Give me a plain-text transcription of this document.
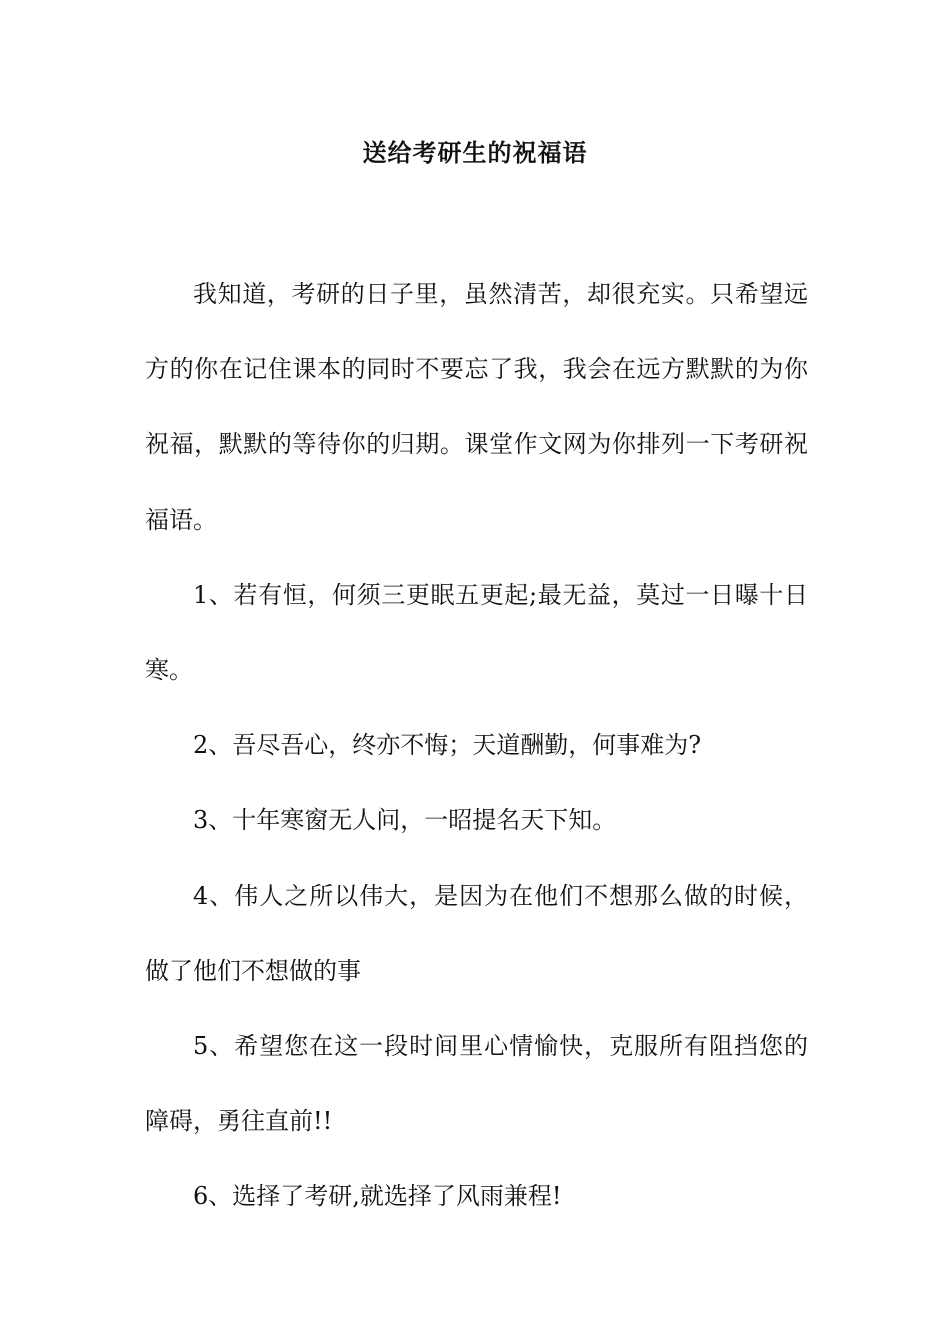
送给考研生的祝福语

我知道，考研的日子里，虽然清苦，却很充实。只希望远方的你在记住课本的同时不要忘了我，我会在远方默默的为你祝福，默默的等待你的归期。课堂作文网为你排列一下考研祝福语。

1、若有恒，何须三更眠五更起;最无益，莫过一日曝十日寒。

2、吾尽吾心，终亦不悔；天道酬勤，何事难为?

3、十年寒窗无人问，一昭提名天下知。

4、伟人之所以伟大，是因为在他们不想那么做的时候，做了他们不想做的事

5、希望您在这一段时间里心情愉快，克服所有阻挡您的障碍，勇往直前!!

6、选择了考研,就选择了风雨兼程!
